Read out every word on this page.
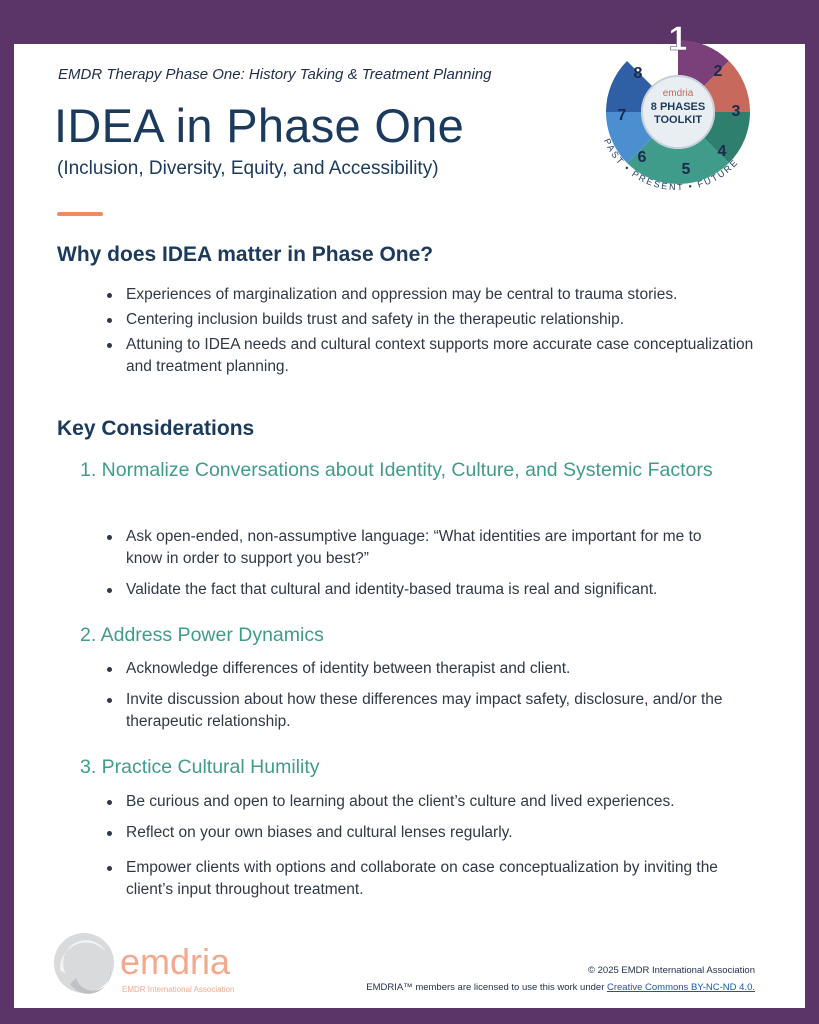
EMDR Therapy Phase One: History Taking & Treatment Planning
IDEA in Phase One
(Inclusion, Diversity, Equity, and Accessibility)
emdria
8 PHASES
TOOLKIT
1
2
3
4
5
6
7
8
PAST • PRESENT • FUTURE
Why does IDEA matter in Phase One?
Experiences of marginalization and oppression may be central to trauma stories.
Centering inclusion builds trust and safety in the therapeutic relationship.
Attuning to IDEA needs and cultural context supports more accurate case conceptualization and treatment planning.
Key Considerations
1. Normalize Conversations about Identity, Culture, and Systemic Factors
Ask open-ended, non-assumptive language: “What identities are important for me to know in order to support you best?”
Validate the fact that cultural and identity-based trauma is real and significant.
2. Address Power Dynamics
Acknowledge differences of identity between therapist and client.
Invite discussion about how these differences may impact safety, disclosure, and/or the therapeutic relationship.
3. Practice Cultural Humility
Be curious and open to learning about the client’s culture and lived experiences.
Reflect on your own biases and cultural lenses regularly.
Empower clients with options and collaborate on case conceptualization by inviting the client’s input throughout treatment.
emdria
EMDR International Association
© 2025 EMDR International Association
EMDRIA™ members are licensed to use this work under Creative Commons BY-NC-ND 4.0.
